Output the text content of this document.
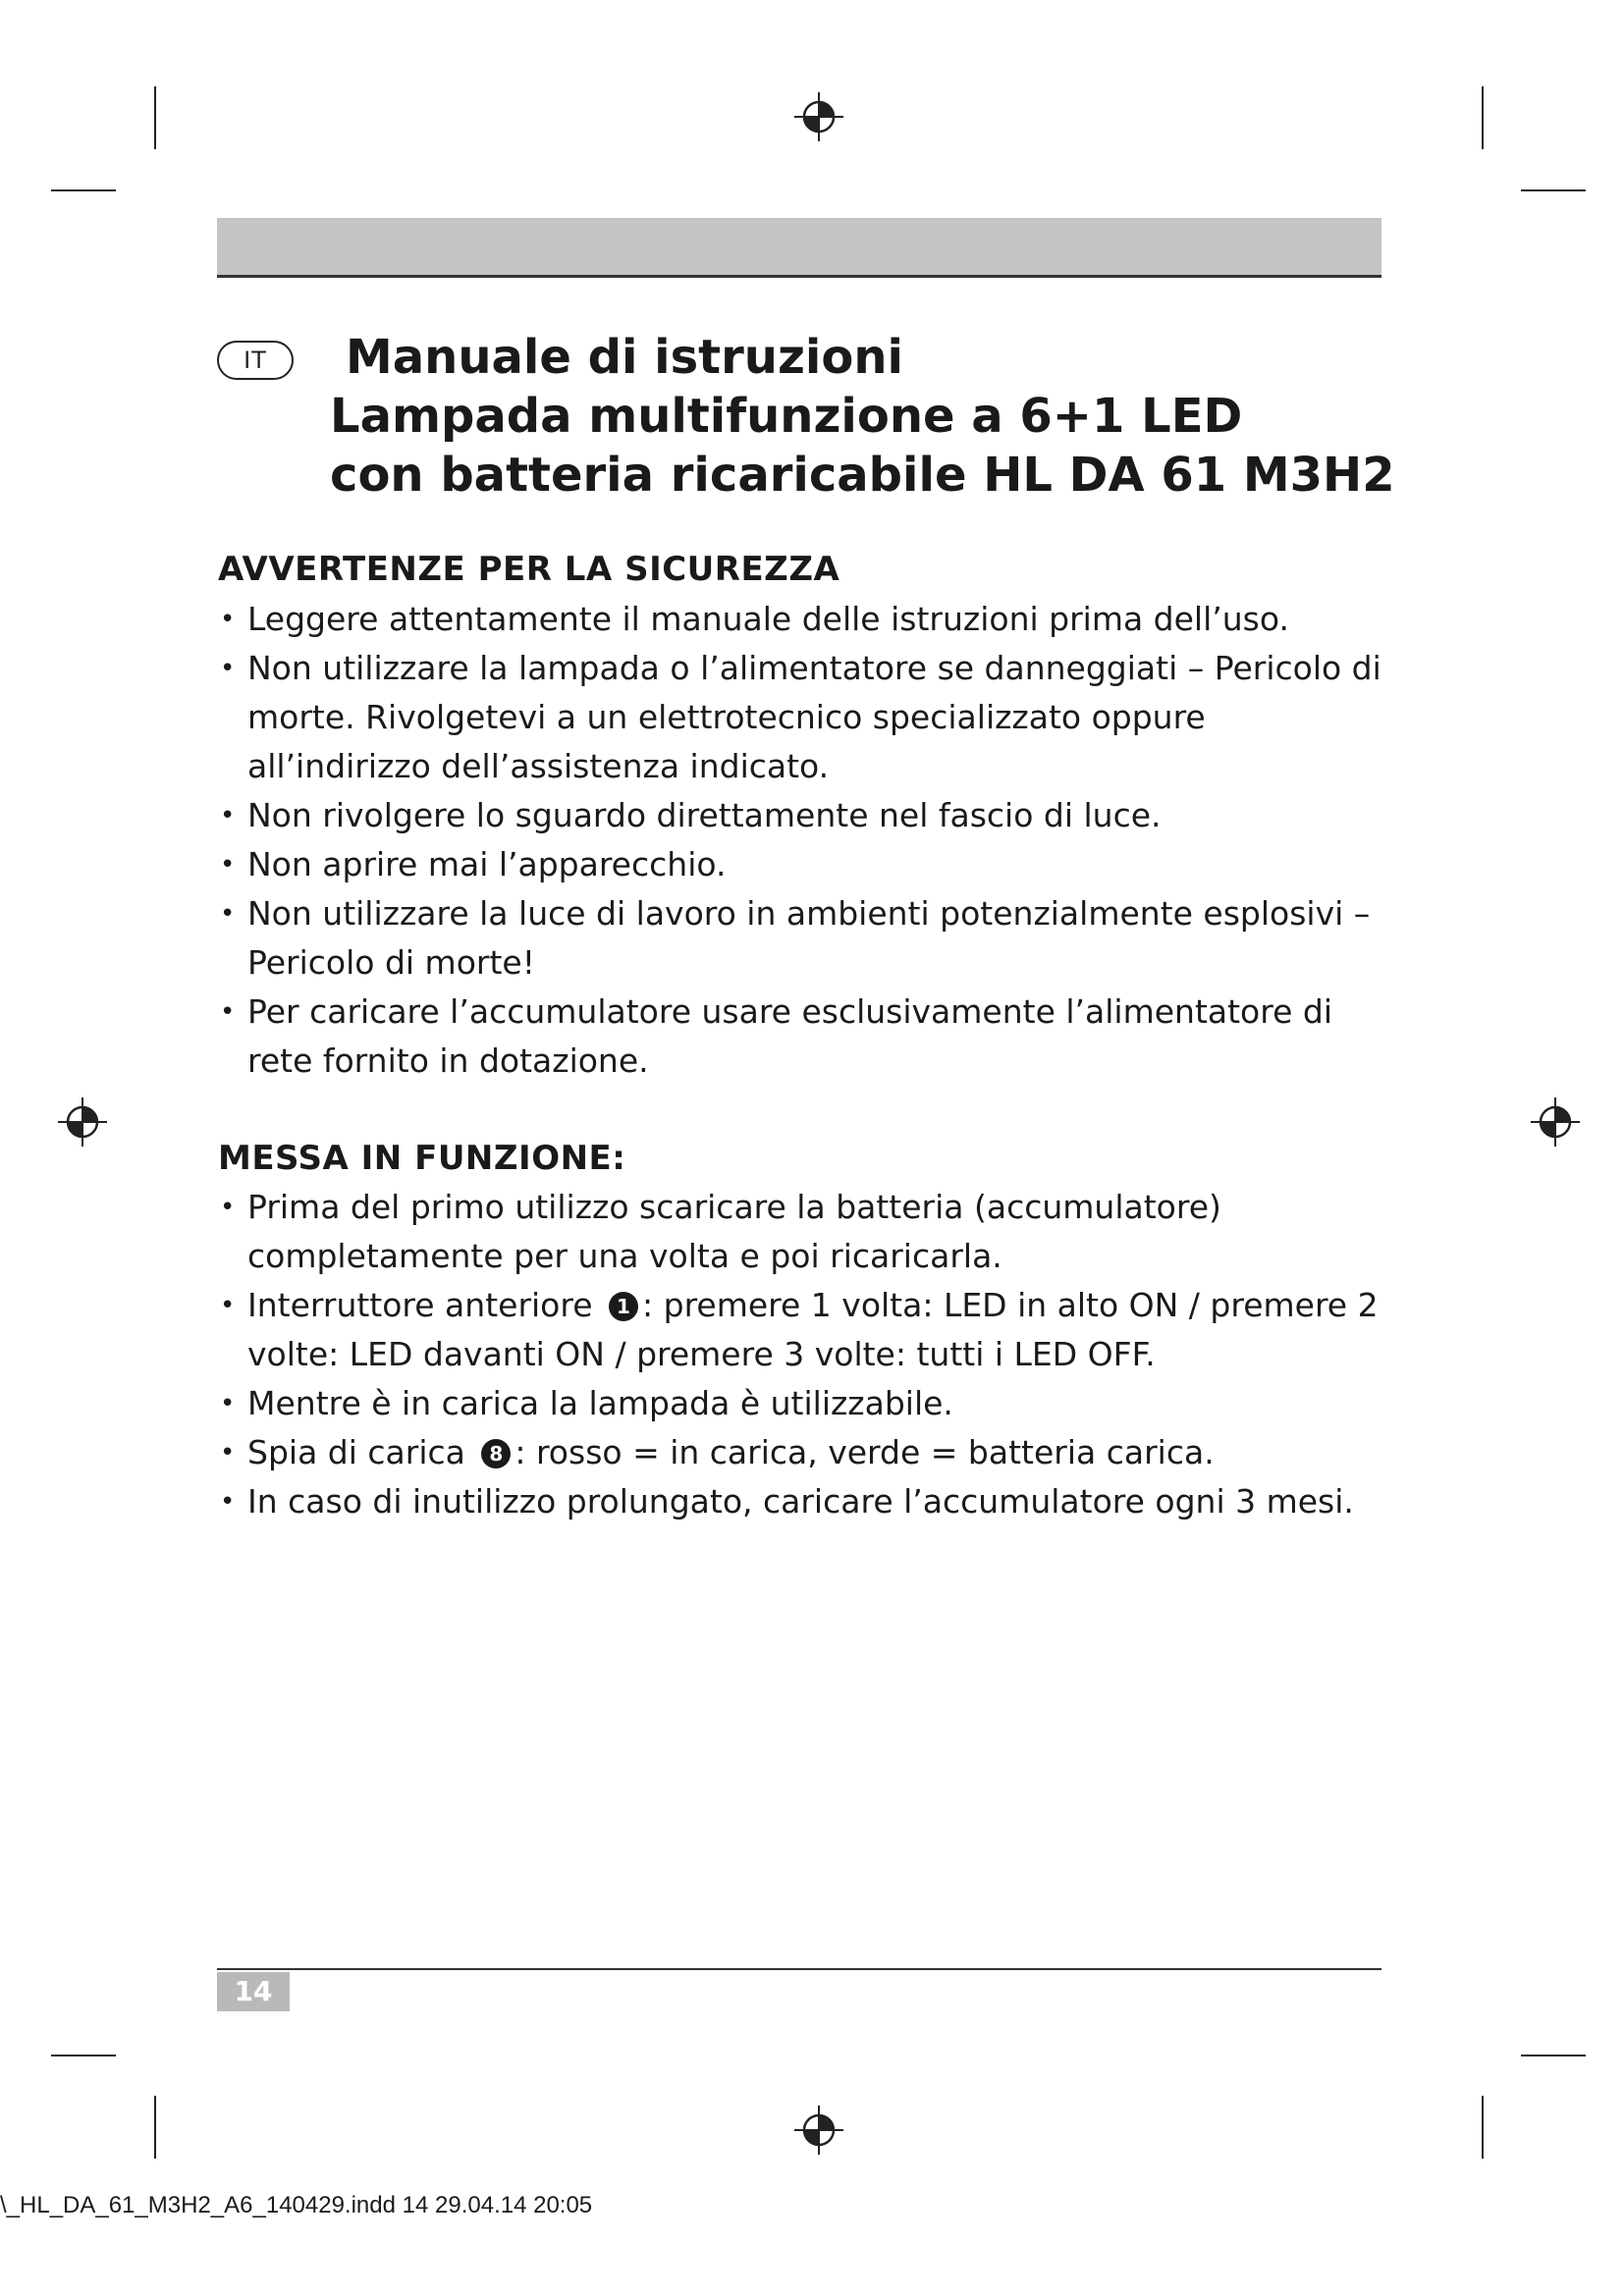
IT	Manuale di istruzioni
Lampada multifunzione a 6+1 LED
con batteria ricaricabile HL DA 61 M3H2
AVVERTENZE PER LA SICUREZZA
• Leggere attentamente il manuale delle istruzioni prima dell’uso.
• Non utilizzare la lampada o l’alimentatore se danneggiati – Pericolo di morte. Rivolgetevi a un elettrotecnico specializzato oppure all’indirizzo dell’assistenza indicato.
• Non rivolgere lo sguardo direttamente nel fascio di luce.
• Non aprire mai l’apparecchio.
• Non utilizzare la luce di lavoro in ambienti potenzialmente esplosivi – Pericolo di morte!
• Per caricare l’accumulatore usare esclusivamente l’alimentatore di rete fornito in dotazione.
MESSA IN FUNZIONE:
• Prima del primo utilizzo scaricare la batteria (accumulatore) completamente per una volta e poi ricaricarla.
• Interruttore anteriore 1 : premere 1 volta: LED in alto ON / premere 2 volte: LED davanti ON / premere 3 volte: tutti i LED OFF.
• Mentre è in carica la lampada è utilizzabile.
• Spia di carica 8 : rosso = in carica, verde = batteria carica.
• In caso di inutilizzo prolungato, caricare l’accumulatore ogni 3 mesi.
14
\_HL_DA_61_M3H2_A6_140429.indd 14 29.04.14 20:05
